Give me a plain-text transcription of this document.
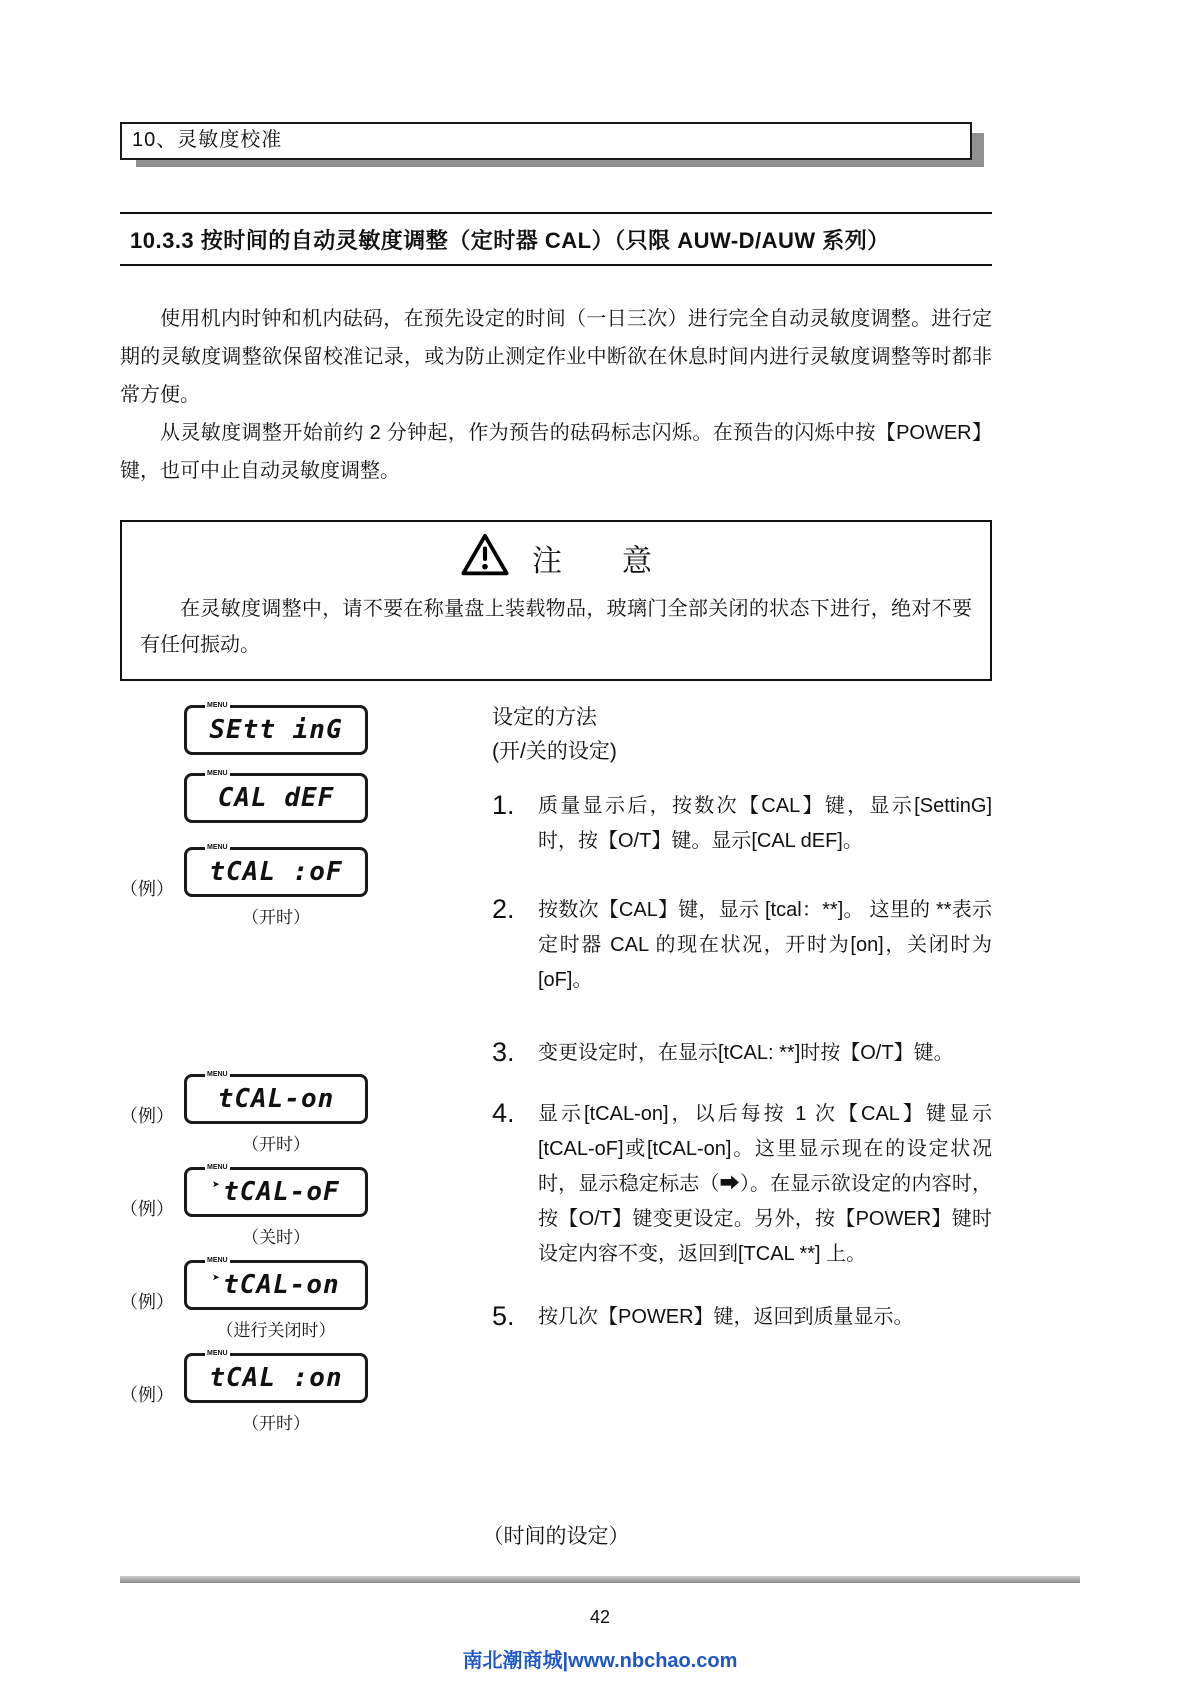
10、灵敏度校准
10.3.3 按时间的自动灵敏度调整（定时器 CAL）（只限 AUW-D/AUW 系列）

使用机内时钟和机内砝码，在预先设定的时间（一日三次）进行完全自动灵敏度调整。进行定期的灵敏度调整欲保留校准记录，或为防止测定作业中断欲在休息时间内进行灵敏度调整等时都非常方便。

从灵敏度调整开始前约 2 分钟起，作为预告的砝码标志闪烁。在预告的闪烁中按【POWER】键，也可中止自动灵敏度调整。

注　　意

在灵敏度调整中，请不要在称量盘上装载物品，玻璃门全部关闭的状态下进行，绝对不要有任何振动。

MENU
SEtt inG
MENU
CAL dEF
（例）
MENU
tCAL :oF
（开时）
（例）
MENU
tCAL-on
（开时）
（例）
MENU
➤ tCAL-oF
（关时）
（例）
MENU
➤ tCAL-on
（进行关闭时）
（例）
MENU
tCAL :on
（开时）

设定的方法

(开/关的设定)

1.	质量显示后，按数次【CAL】键，显示[SettinG]时，按【O/T】键。显示[CAL dEF]。
2.	按数次【CAL】键，显示 [tcal：**]。 这里的 **表示定时器 CAL 的现在状况，开时为[on]，关闭时为[oF]。
3.	变更设定时，在显示[tCAL: **]时按【O/T】键。
4.	显示[tCAL-on]，以后每按 1 次【CAL】键显示 [tCAL-oF]或[tCAL-on]。这里显示现在的设定状况时，显示稳定标志（➡）。在显示欲设定的内容时，按【O/T】键变更设定。另外，按【POWER】键时设定内容不变，返回到[TCAL **] 上。
5.	按几次【POWER】键，返回到质量显示。
（时间的设定）
42
南北潮商城|www.nbchao.com
